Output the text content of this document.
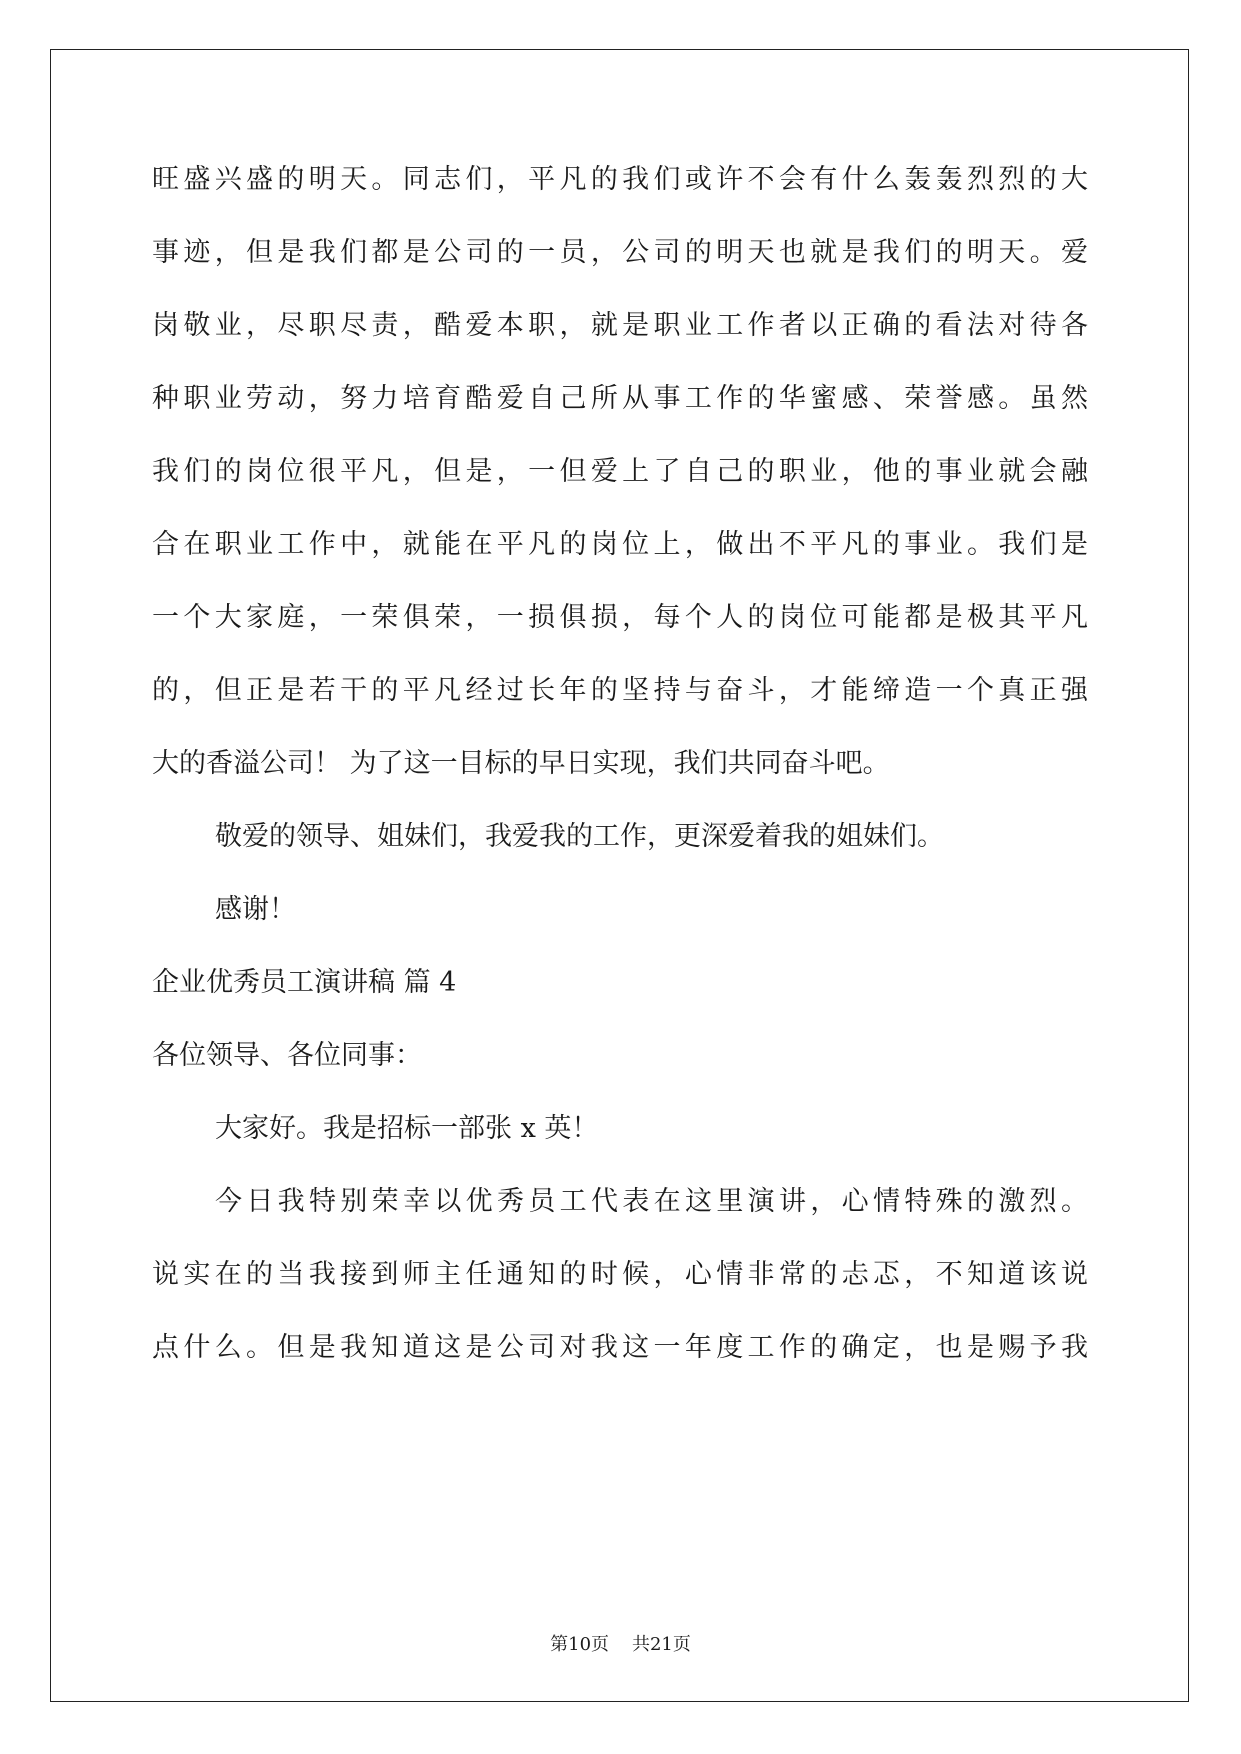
旺盛兴盛的明天。同志们，平凡的我们或许不会有什么轰轰烈烈的大
事迹，但是我们都是公司的一员，公司的明天也就是我们的明天。爱
岗敬业，尽职尽责，酷爱本职，就是职业工作者以正确的看法对待各
种职业劳动，努力培育酷爱自己所从事工作的华蜜感、荣誉感。虽然
我们的岗位很平凡，但是，一但爱上了自己的职业，他的事业就会融
合在职业工作中，就能在平凡的岗位上，做出不平凡的事业。我们是
一个大家庭，一荣俱荣，一损俱损，每个人的岗位可能都是极其平凡
的，但正是若干的平凡经过长年的坚持与奋斗，才能缔造一个真正强
大的香溢公司！ 为了这一目标的早日实现，我们共同奋斗吧。
敬爱的领导、姐妹们，我爱我的工作，更深爱着我的姐妹们。
感谢！
企业优秀员工演讲稿 篇 4
各位领导、各位同事：
大家好。我是招标一部张 x 英！
今日我特别荣幸以优秀员工代表在这里演讲，心情特殊的激烈。
说实在的当我接到师主任通知的时候，心情非常的忐忑，不知道该说
点什么。但是我知道这是公司对我这一年度工作的确定，也是赐予我
第10页 共21页
